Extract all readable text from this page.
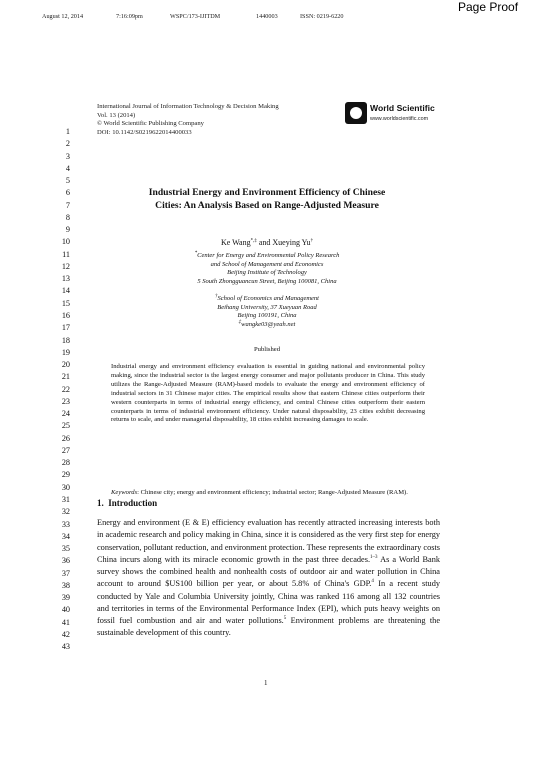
August 12, 2014	7:16:09pm	WSPC/173-IJITDM	1440003	ISSN: 0219-6220
Page Proof
International Journal of Information Technology & Decision Making
Vol. 13 (2014)
© World Scientific Publishing Company
DOI: 10.1142/S0219622014400033
World Scientific
www.worldscientific.com
1
2
3
4
5
6
7
8
9
10
11
12
13
14
15
16
17
18
19
20
21
22
23
24
25
26
27
28
29
30
31
32
33
34
35
36
37
38
39
40
41
42
43
Industrial Energy and Environment Efficiency of Chinese
Cities: An Analysis Based on Range-Adjusted Measure
Ke Wang*,‡ and Xueying Yu†
*Center for Energy and Environmental Policy Research
and School of Management and Economics
Beijing Institute of Technology
5 South Zhongguancun Street, Beijing 100081, China
†School of Economics and Management
Beihang University, 37 Xueyuan Road
Beijing 100191, China
‡wangke03@yeah.net
Published
Industrial energy and environment efficiency evaluation is essential in guiding national and environmental policy making, since the industrial sector is the largest energy consumer and major pollutants producer in China. This study utilizes the Range-Adjusted Measure (RAM)-based models to evaluate the energy and environment efficiency of industrial sectors in 31 Chinese major cities. The empirical results show that eastern Chinese cities outperform their western counterparts in terms of industrial energy efficiency, and central Chinese cities outperform their eastern counterparts in terms of industrial environment efficiency. Under natural disposability, 23 cities exhibit decreasing returns to scale, and under managerial disposability, 18 cities exhibit increasing damages to scale.
Keywords: Chinese city; energy and environment efficiency; industrial sector; Range-Adjusted Measure (RAM).
1. Introduction
Energy and environment (E & E) efficiency evaluation has recently attracted increasing interests both in academic research and policy making in China, since it is considered as the very first step for energy conservation, pollutant reduction, and environment protection. These represents the extraordinary costs China incurs along with its miracle economic growth in the past three decades.$^{1-3}$ As a World Bank survey shows the combined health and nonhealth costs of outdoor air and water pollution in China account to around $US100 billion per year, or about 5.8% of China's GDP.$^4$ In a recent study conducted by Yale and Columbia University jointly, China was ranked 116 among all 132 countries and territories in terms of the Environmental Performance Index (EPI), which puts heavy weights on fossil fuel combustion and air and water pollutions.$^5$ Environment problems are threatening the sustainable development of this country.
1
